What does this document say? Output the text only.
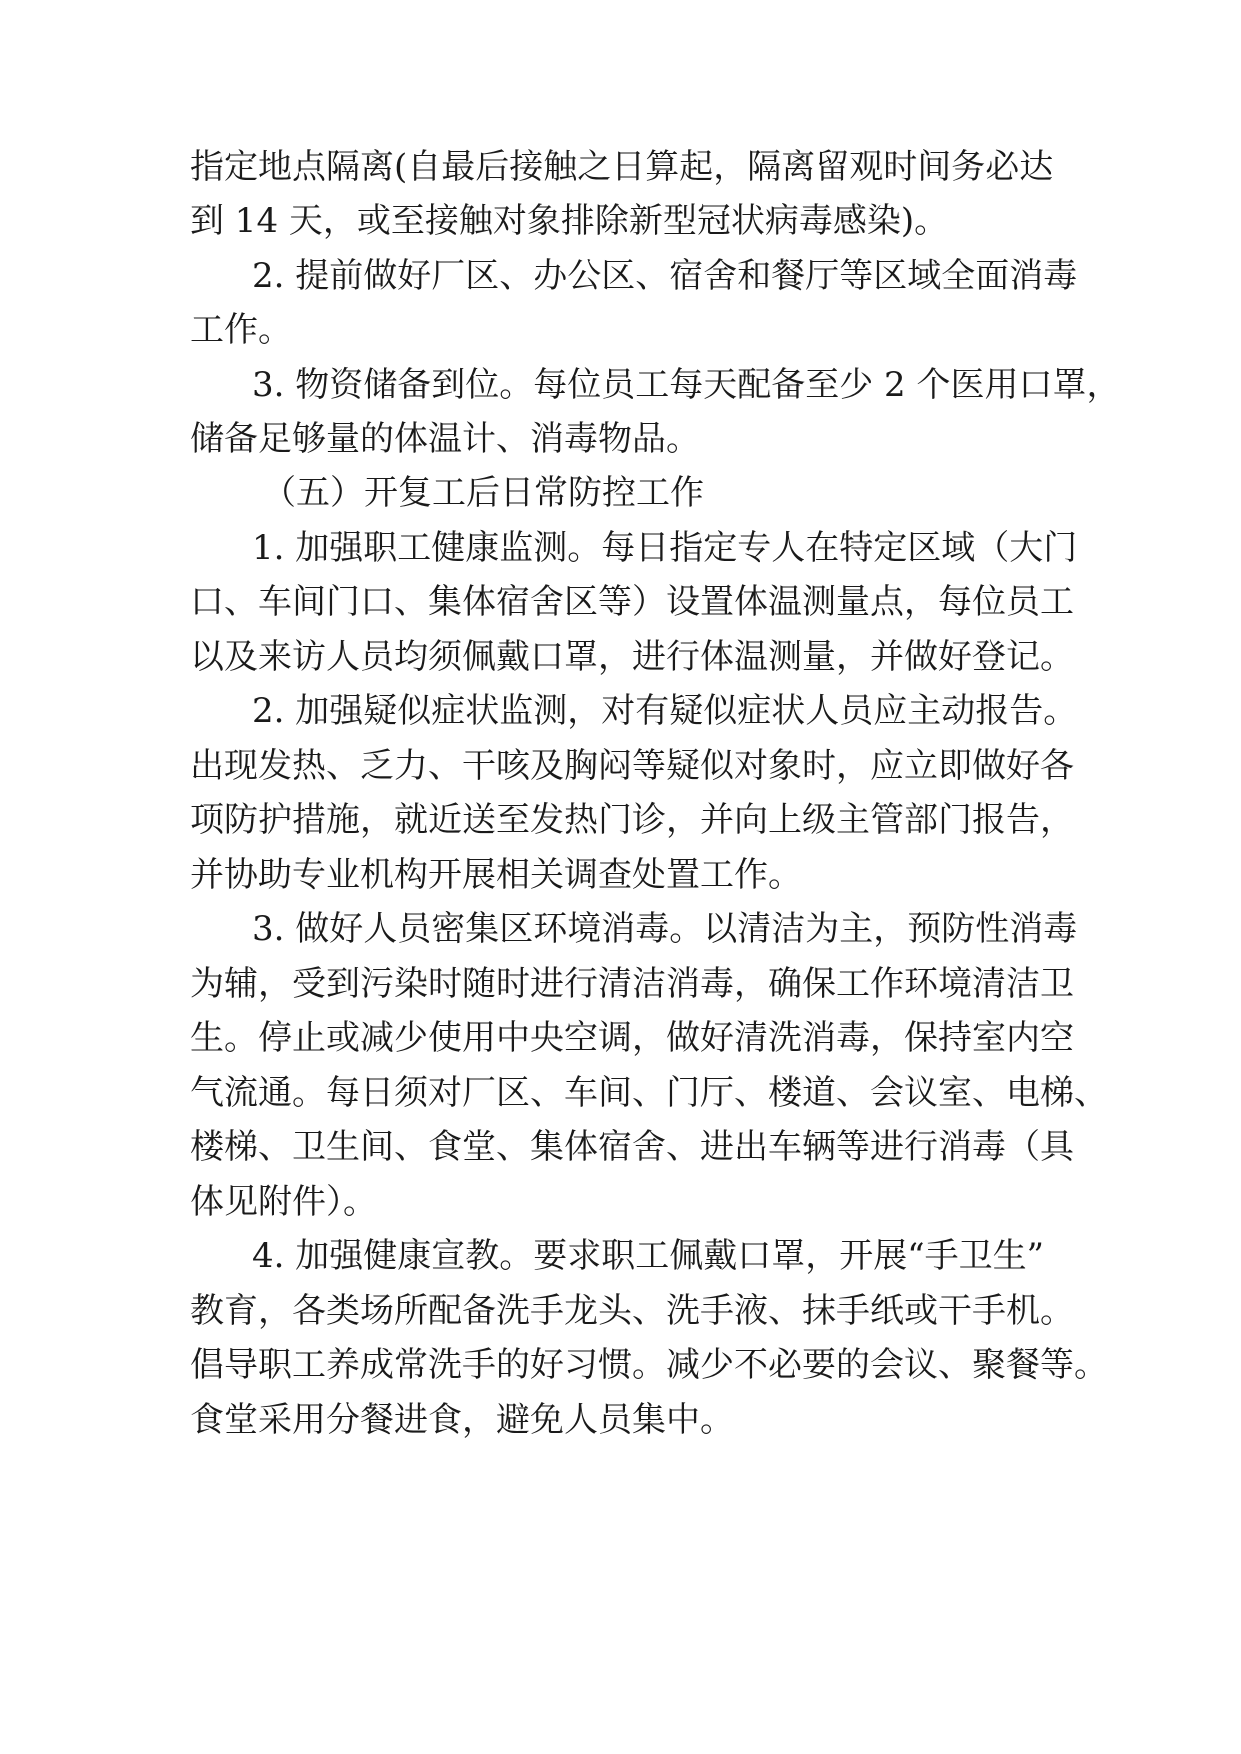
指定地点隔离(自最后接触之日算起，隔离留观时间务必达

到 14 天，或至接触对象排除新型冠状病毒感染)。

2. 提前做好厂区、办公区、宿舍和餐厅等区域全面消毒

工作。

3. 物资储备到位。每位员工每天配备至少 2 个医用口罩，

储备足够量的体温计、消毒物品。

（五）开复工后日常防控工作

1. 加强职工健康监测。每日指定专人在特定区域（大门

口、车间门口、集体宿舍区等）设置体温测量点，每位员工

以及来访人员均须佩戴口罩，进行体温测量，并做好登记。

2. 加强疑似症状监测，对有疑似症状人员应主动报告。

出现发热、乏力、干咳及胸闷等疑似对象时，应立即做好各

项防护措施，就近送至发热门诊，并向上级主管部门报告，

并协助专业机构开展相关调查处置工作。

3. 做好人员密集区环境消毒。以清洁为主，预防性消毒

为辅，受到污染时随时进行清洁消毒，确保工作环境清洁卫

生。停止或减少使用中央空调，做好清洗消毒，保持室内空

气流通。每日须对厂区、车间、门厅、楼道、会议室、电梯、

楼梯、卫生间、食堂、集体宿舍、进出车辆等进行消毒（具

体见附件）。

4. 加强健康宣教。要求职工佩戴口罩，开展“手卫生”

教育，各类场所配备洗手龙头、洗手液、抹手纸或干手机。

倡导职工养成常洗手的好习惯。减少不必要的会议、聚餐等。

食堂采用分餐进食，避免人员集中。
